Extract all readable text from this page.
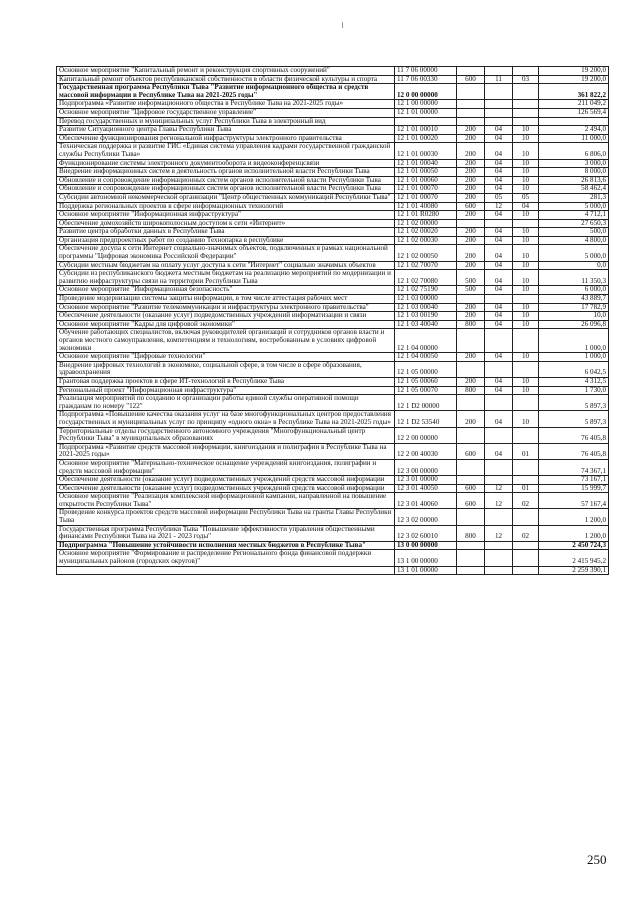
Основное мероприятие "Капитальный ремонт и реконструкция спортивных сооружений"	11 7 06 00000				19 200,0
Капитальный ремонт объектов республиканской собственности в области физической культуры и спорта	11 7 06 00330	600	11	03	19 200,0
Государственная программа Республики Тыва "Развитие информационного общества и средств массовой информации в Республике Тыва на 2021-2025 годы"	12 0 00 00000				361 822,2
Подпрограмма «Развитие информационного общества в Республике Тыва на 2021-2025 годы»	12 1 00 00000				211 049,2
Основное мероприятие "Цифровое государственное управление"	12 1 01 00000				126 569,4
Перевод государственных и муниципальных услуг Республики Тыва в электронный вид					
Развитие Ситуационного центра Главы Республики Тыва	12 1 01 00010	200	04	10	2 494,0
Обеспечение функционирования региональной инфраструктуры электронного правительства	12 1 01 00020	200	04	10	11 000,0
Техническая поддержка и развитие ГИС «Единая система управления кадрами государственной гражданской службы Республики Тыва»	12 1 01 00030	200	04	10	6 806,0
Функционирование системы электронного документооборота и видеоконференцсвязи	12 1 01 00040	200	04	10	3 000,0
Внедрение информационных систем в деятельность органов исполнительной власти Республики Тыва	12 1 01 00050	200	04	10	8 000,0
Обновление и сопровождение информационных систем органов исполнительной власти Республики Тыва	12 1 01 00060	200	04	10	26 813,6
Обновление и сопровождение информационных систем органов исполнительной власти Республики Тыва	12 1 01 00070	200	04	10	58 462,4
Субсидии автономной некоммерческой организации "Центр общественных коммуникаций Республики Тыва"	12 1 01 00070	200	05	05	281,3
Поддержка региональных проектов в сфере информационных технологий	12 1 01 40080	600	12	04	5 000,0
Основное мероприятие "Информационная инфраструктура"	12 1 01 R0280	200	04	10	4 712,1
Обеспечение домохозяйств широкополосным доступом к сети «Интернет»	12 1 02 00000				27 650,3
Развитие центра обработки данных в Республике Тыва	12 1 02 00020	200	04	10	500,0
Организация предпроектных работ по созданию Технопарка в республике	12 1 02 00030	200	04	10	4 800,0
Обеспечение досупа к сети Интернет социально-значимых объектов, подключенных в рамках национальной программы "Цифровая экономика Российской Федерации"	12 1 02 00050	200	04	10	5 000,0
Субсидии местным бюджетам на оплату услуг доступа к сети "Интернет" социально значимых объектов	12 1 02 70070	200	04	10	0,0
Субсидии из республиканского бюджета местным бюджетам на реализацию мероприятий по модернизации и развитию инфраструктуры связи на территории Республики Тыва	12 1 02 70080	500	04	10	11 350,3
Основное мероприятие "Информационная безопасность"	12 1 02 75190	500	04	10	6 000,0
Проведение модернизации системы защиты информации, в том числе аттестация рабочих мест	12 1 03 00000				43 889,7
Основное мероприятие "Развитие телекоммуникации и инфраструктуры электронного правительства"	12 1 03 00040	200	04	10	17 782,9
Обеспечение деятельности (оказание услуг) подведомственных учреждений информатизации и связи	12 1 03 00190	200	04	10	10,0
Основное мероприятие "Кадры для цифровой экономики"	12 1 03 40040	800	04	10	26 096,8
Обучение работающих специалистов, включая руководителей организаций и сотрудников органов власти и органов местного самоуправления, компетенциям и технологиям, востребованным в условиях цифровой экономики	12 1 04 00000				1 000,0
Основное мероприятие "Цифровые технологии"	12 1 04 00050	200	04	10	1 000,0
Внедрение цифровых технологий в экономике, социальной сфере, в том числе в сфере образования, здравоохранения	12 1 05 00000				6 042,5
Грантовая поддержка проектов в сфере ИТ-технологий в Республике Тыва	12 1 05 00060	200	04	10	4 312,5
Региональный проект "Информационная инфраструктура"	12 1 05 00070	800	04	10	1 730,0
Реализация мероприятий по созданию и организации работы единой службы оперативной помощи гражданам по номеру "122"	12 1 D2 00000				5 897,3
Подпрограмма «Повышение качества оказания услуг на базе многофункциональных центров предоставления государственных и муниципальных услуг по принципу «одного окна» в Республике Тыва на 2021-2025 годы»	12 1 D2 53540	200	04	10	5 897,3
Территориальные отделы государственного автономного учреждения "Многофункциональный центр Республики Тыва" в муниципальных образованиях	12 2 00 00000				76 405,8
Подпрограмма «Развитие средств массовой информации, книгоиздания и полиграфии в Республике Тыва на 2021-2025 годы»	12 2 00 40030	600	04	01	76 405,8
Основное мероприятие "Материально-техническое оснащение учреждений книгоиздания, полиграфии и средств массовой информации"	12 3 00 00000				74 367,1
Обеспечение деятельности (оказание услуг) подведомственных учреждений средств массовой информации	12 3 01 00000				73 167,1
Обеспечение деятельности (оказание услуг) подведомственных учреждений средств массовой информации	12 3 01 40050	600	12	01	15 999,7
Основное мероприятие "Реализация комплексной информационной кампании, направленной на повышение открытости Республики Тыва"	12 3 01 40060	600	12	02	57 167,4
Проведение конкурса проектов средств массовой информации Республики Тыва на гранты Главы Республики Тыва	12 3 02 00000				1 200,0
Государственная программа Республики Тыва "Повышение эффективности управления общественными финансами Республики Тыва на 2021 - 2023 годы"	12 3 02 60010	800	12	02	1 200,0
Подпрограмма "Повышение устойчивости исполнения местных бюджетов в Республике Тыва"	13 0 00 00000				2 450 724,3
Основное мероприятие "Формирование и распределение Регионального фонда финансовой поддержки муниципальных районов (городских округов)"	13 1 00 00000				2 415 945,2
	13 1 01 00000				2 259 390,1
250
